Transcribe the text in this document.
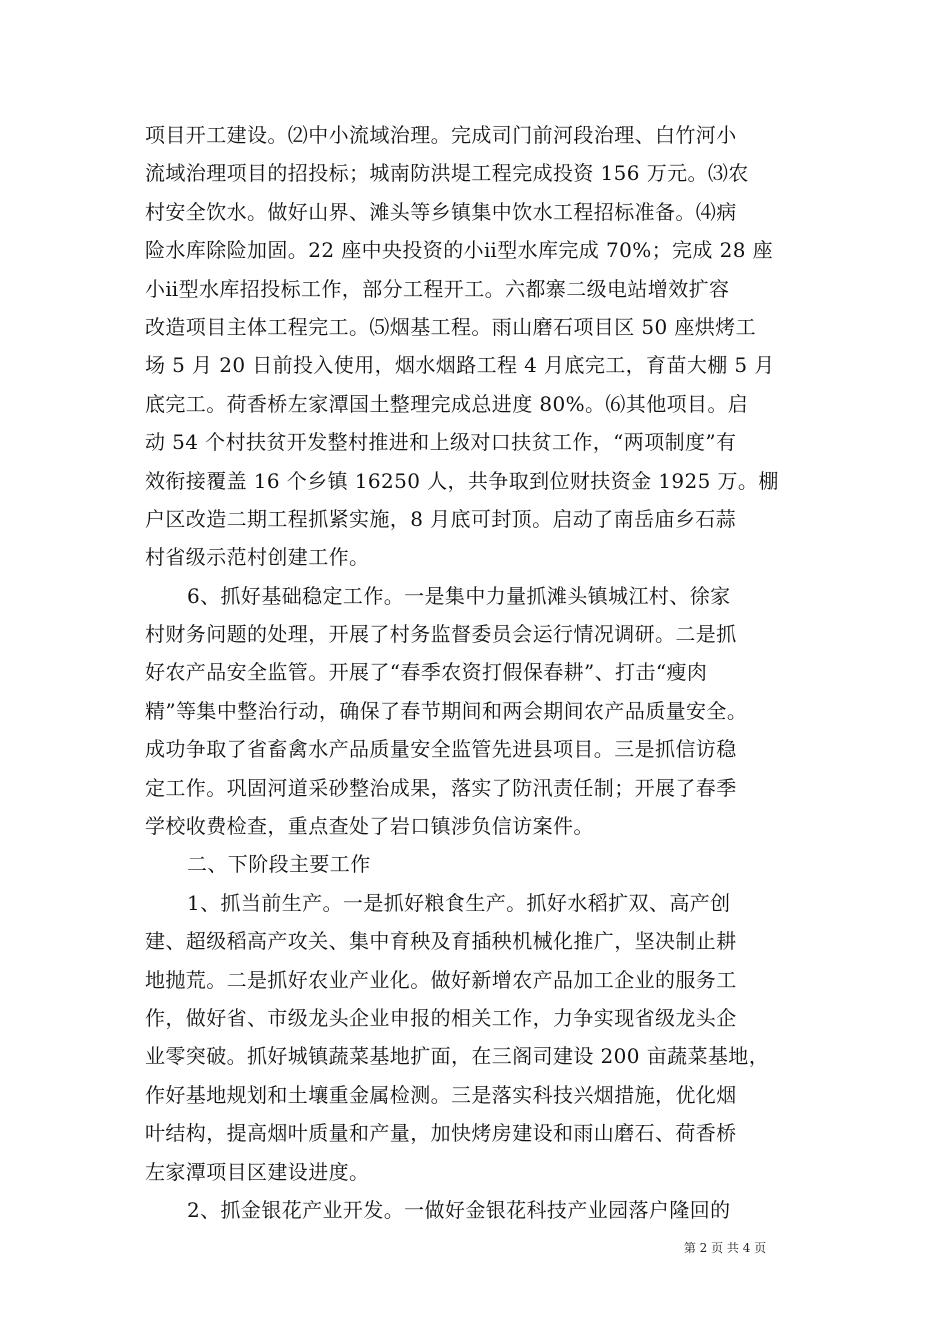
项目开工建设。⑵中小流域治理。完成司门前河段治理、白竹河小
流域治理项目的招投标；城南防洪堤工程完成投资 156 万元。⑶农
村安全饮水。做好山界、滩头等乡镇集中饮水工程招标准备。⑷病
险水库除险加固。22 座中央投资的小ⅱ型水库完成 70%；完成 28 座
小ⅱ型水库招投标工作，部分工程开工。六都寨二级电站增效扩容
改造项目主体工程完工。⑸烟基工程。雨山磨石项目区 50 座烘烤工
场 5 月 20 日前投入使用，烟水烟路工程 4 月底完工，育苗大棚 5 月
底完工。荷香桥左家潭国土整理完成总进度 80%。⑹其他项目。启
动 54 个村扶贫开发整村推进和上级对口扶贫工作，“两项制度”有
效衔接覆盖 16 个乡镇 16250 人，共争取到位财扶资金 1925 万。棚
户区改造二期工程抓紧实施，8 月底可封顶。启动了南岳庙乡石蒜
村省级示范村创建工作。
6、抓好基础稳定工作。一是集中力量抓滩头镇城江村、徐家
村财务问题的处理，开展了村务监督委员会运行情况调研。二是抓
好农产品安全监管。开展了“春季农资打假保春耕”、打击“瘦肉
精”等集中整治行动，确保了春节期间和两会期间农产品质量安全。
成功争取了省畜禽水产品质量安全监管先进县项目。三是抓信访稳
定工作。巩固河道采砂整治成果，落实了防汛责任制；开展了春季
学校收费检查，重点查处了岩口镇涉负信访案件。
二、下阶段主要工作
1、抓当前生产。一是抓好粮食生产。抓好水稻扩双、高产创
建、超级稻高产攻关、集中育秧及育插秧机械化推广，坚决制止耕
地抛荒。二是抓好农业产业化。做好新增农产品加工企业的服务工
作，做好省、市级龙头企业申报的相关工作，力争实现省级龙头企
业零突破。抓好城镇蔬菜基地扩面，在三阁司建设 200 亩蔬菜基地，
作好基地规划和土壤重金属检测。三是落实科技兴烟措施，优化烟
叶结构，提高烟叶质量和产量，加快烤房建设和雨山磨石、荷香桥
左家潭项目区建设进度。
2、抓金银花产业开发。一做好金银花科技产业园落户隆回的
第 2 页 共 4 页
